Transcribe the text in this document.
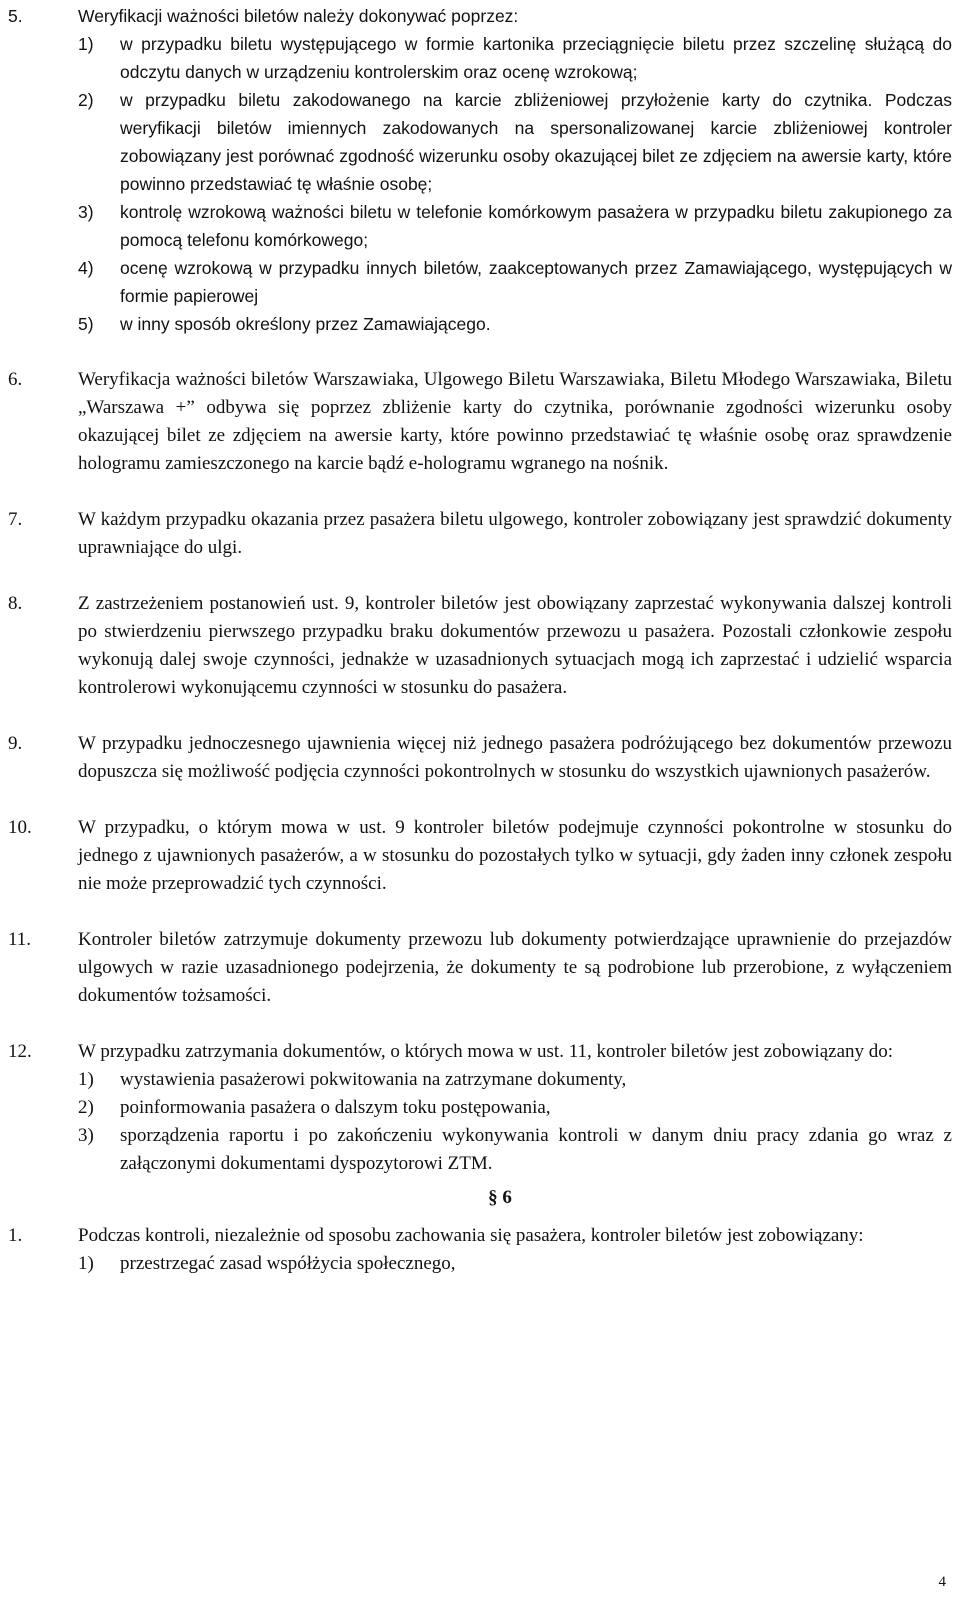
5.	Weryfikacji ważności biletów należy dokonywać poprzez:
1) w przypadku biletu występującego w formie kartonika przeciągnięcie biletu przez szczelinę służącą do odczytu danych w urządzeniu kontrolerskim oraz ocenę wzrokową;
2) w przypadku biletu zakodowanego na karcie zbliżeniowej przyłożenie karty do czytnika. Podczas weryfikacji biletów imiennych zakodowanych na spersonalizowanej karcie zbliżeniowej kontroler zobowiązany jest porównać zgodność wizerunku osoby okazującej bilet ze zdjęciem na awersie karty, które powinno przedstawiać tę właśnie osobę;
3) kontrolę wzrokową ważności biletu w telefonie komórkowym pasażera w przypadku biletu zakupionego za pomocą telefonu komórkowego;
4) ocenę wzrokową w przypadku innych biletów, zaakceptowanych przez Zamawiającego, występujących w formie papierowej
5) w inny sposób określony przez Zamawiającego.
6.	Weryfikacja ważności biletów Warszawiaka, Ulgowego Biletu Warszawiaka, Biletu Młodego Warszawiaka, Biletu „Warszawa +” odbywa się poprzez zbliżenie karty do czytnika, porównanie zgodności wizerunku osoby okazującej bilet ze zdjęciem na awersie karty, które powinno przedstawiać tę właśnie osobę oraz sprawdzenie hologramu zamieszczonego na karcie bądź e-hologramu wgranego na nośnik.
7.	W każdym przypadku okazania przez pasażera biletu ulgowego, kontroler zobowiązany jest sprawdzić dokumenty uprawniające do ulgi.
8.	Z zastrzeżeniem postanowień ust. 9, kontroler biletów jest obowiązany zaprzestać wykonywania dalszej kontroli po stwierdzeniu pierwszego przypadku braku dokumentów przewozu u pasażera. Pozostali członkowie zespołu wykonują dalej swoje czynności, jednakże w uzasadnionych sytuacjach mogą ich zaprzestać i udzielić wsparcia kontrolerowi wykonującemu czynności w stosunku do pasażera.
9.	W przypadku jednoczesnego ujawnienia więcej niż jednego pasażera podróżującego bez dokumentów przewozu dopuszcza się możliwość podjęcia czynności pokontrolnych w stosunku do wszystkich ujawnionych pasażerów.
10. W przypadku, o którym mowa w ust. 9 kontroler biletów podejmuje czynności pokontrolne w stosunku do jednego z ujawnionych pasażerów, a w stosunku do pozostałych tylko w sytuacji, gdy żaden inny członek zespołu nie może przeprowadzić tych czynności.
11. Kontroler biletów zatrzymuje dokumenty przewozu lub dokumenty potwierdzające uprawnienie do przejazdów ulgowych w razie uzasadnionego podejrzenia, że dokumenty te są podrobione lub przerobione, z wyłączeniem dokumentów tożsamości.
12. W przypadku zatrzymania dokumentów, o których mowa w ust. 11, kontroler biletów jest zobowiązany do:
1) wystawienia pasażerowi pokwitowania na zatrzymane dokumenty,
2) poinformowania pasażera o dalszym toku postępowania,
3) sporządzenia raportu i po zakończeniu wykonywania kontroli w danym dniu pracy zdania go wraz z załączonymi dokumentami dyspozytorowi ZTM.
§ 6
1.	Podczas kontroli, niezależnie od sposobu zachowania się pasażera, kontroler biletów jest zobowiązany:
1) przestrzegać zasad współżycia społecznego,
4
